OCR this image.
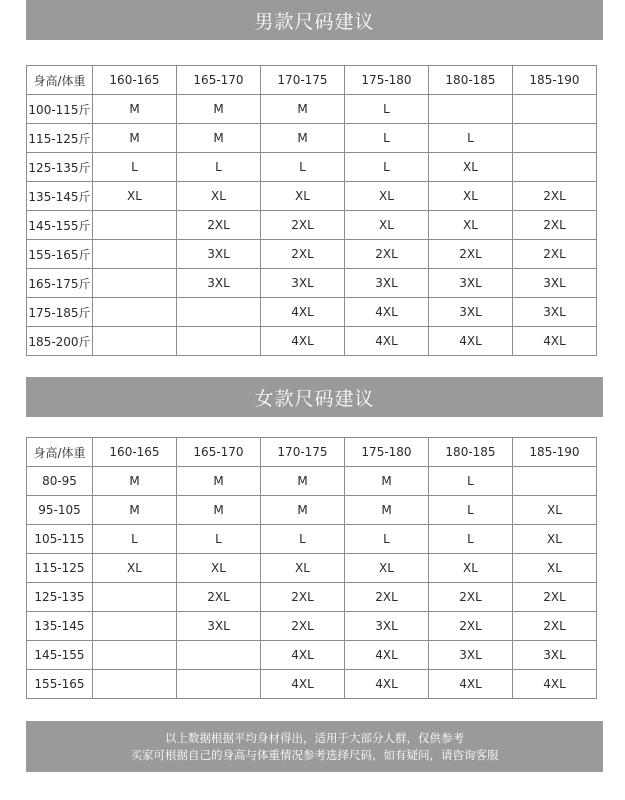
男款尺码建议
身高/体重	160-165	165-170	170-175	175-180	180-185	185-190
100-115斤	M	M	M	L		
115-125斤	M	M	M	L	L	
125-135斤	L	L	L	L	XL	
135-145斤	XL	XL	XL	XL	XL	2XL
145-155斤		2XL	2XL	XL	XL	2XL
155-165斤		3XL	2XL	2XL	2XL	2XL
165-175斤		3XL	3XL	3XL	3XL	3XL
175-185斤			4XL	4XL	3XL	3XL
185-200斤			4XL	4XL	4XL	4XL
女款尺码建议
身高/体重	160-165	165-170	170-175	175-180	180-185	185-190
80-95	M	M	M	M	L	
95-105	M	M	M	M	L	XL
105-115	L	L	L	L	L	XL
115-125	XL	XL	XL	XL	XL	XL
125-135		2XL	2XL	2XL	2XL	2XL
135-145		3XL	2XL	3XL	2XL	2XL
145-155			4XL	4XL	3XL	3XL
155-165			4XL	4XL	4XL	4XL
以上数据根据平均身材得出，适用于大部分人群，仅供参考
买家可根据自己的身高与体重情况参考选择尺码，如有疑问，请咨询客服
